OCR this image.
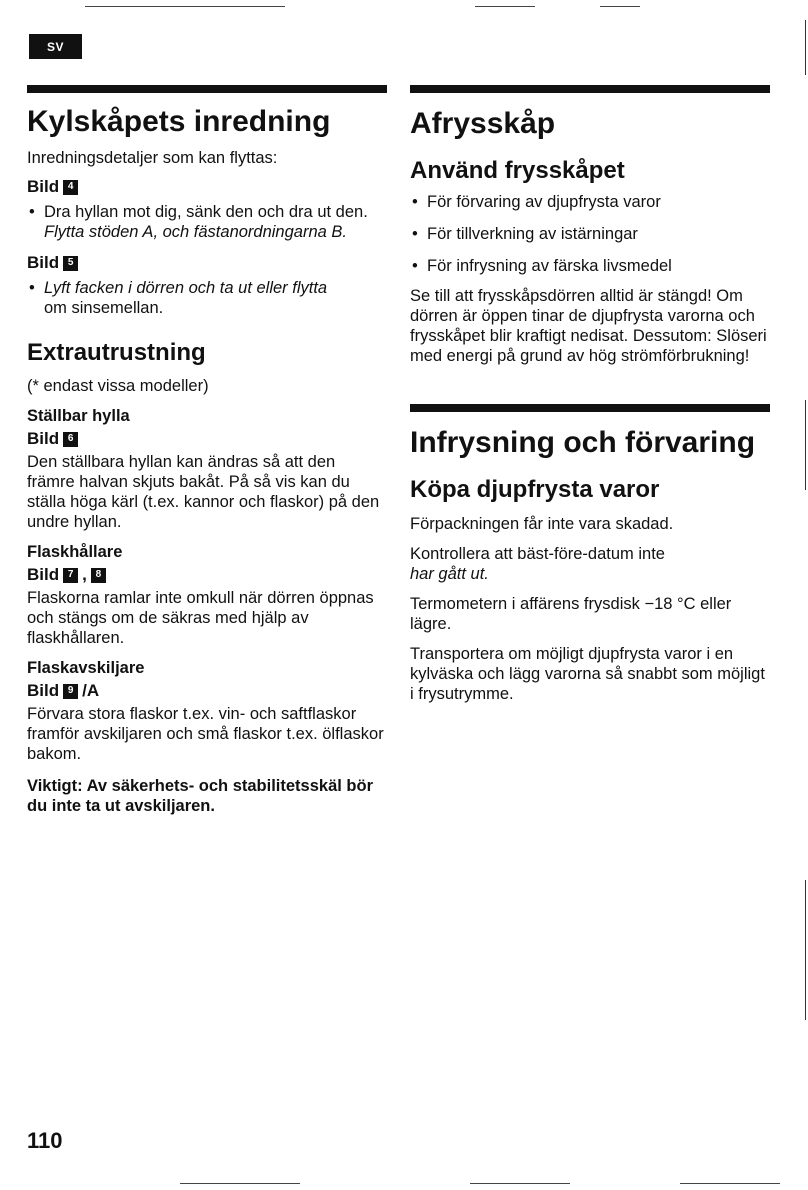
SV
Kylskåpets inredning

Inredningsdetaljer som kan flyttas:

Bild 4

• Dra hyllan mot dig, sänk den och dra ut den.
Flytta stöden A, och fästanordningarna B.

Bild 5

• Lyft facken i dörren och ta ut eller flytta
om sinsemellan.
Extrautrustning

(* endast vissa modeller)

Ställbar hylla

Bild 6

Den ställbara hyllan kan ändras så att den främre halvan skjuts bakåt. På så vis kan du ställa höga kärl (t.ex. kannor och flaskor) på den undre hyllan.

Flaskhållare

Bild 7 , 8

Flaskorna ramlar inte omkull när dörren öppnas och stängs om de säkras med hjälp av flaskhållaren.

Flaskavskiljare

Bild 9 /A

Förvara stora flaskor t.ex. vin- och saftflaskor framför avskiljaren och små flaskor t.ex. ölflaskor bakom.

Viktigt: Av säkerhets- och stabilitetsskäl bör du inte ta ut avskiljaren.

Afrysskåp
Använd frysskåpet
• För förvaring av djupfrysta varor
• För tillverkning av istärningar
• För infrysning av färska livsmedel

Se till att frysskåpsdörren alltid är stängd! Om dörren är öppen tinar de djupfrysta varorna och frysskåpet blir kraftigt nedisat. Dessutom: Slöseri med energi på grund av hög strömförbrukning!

Infrysning och förvaring
Köpa djupfrysta varor

Förpackningen får inte vara skadad.

Kontrollera att bäst-före-datum inte
har gått ut.

Termometern i affärens frysdisk −18 °C eller lägre.

Transportera om möjligt djupfrysta varor i en kylväska och lägg varorna så snabbt som möjligt i frysutrymme.

110
